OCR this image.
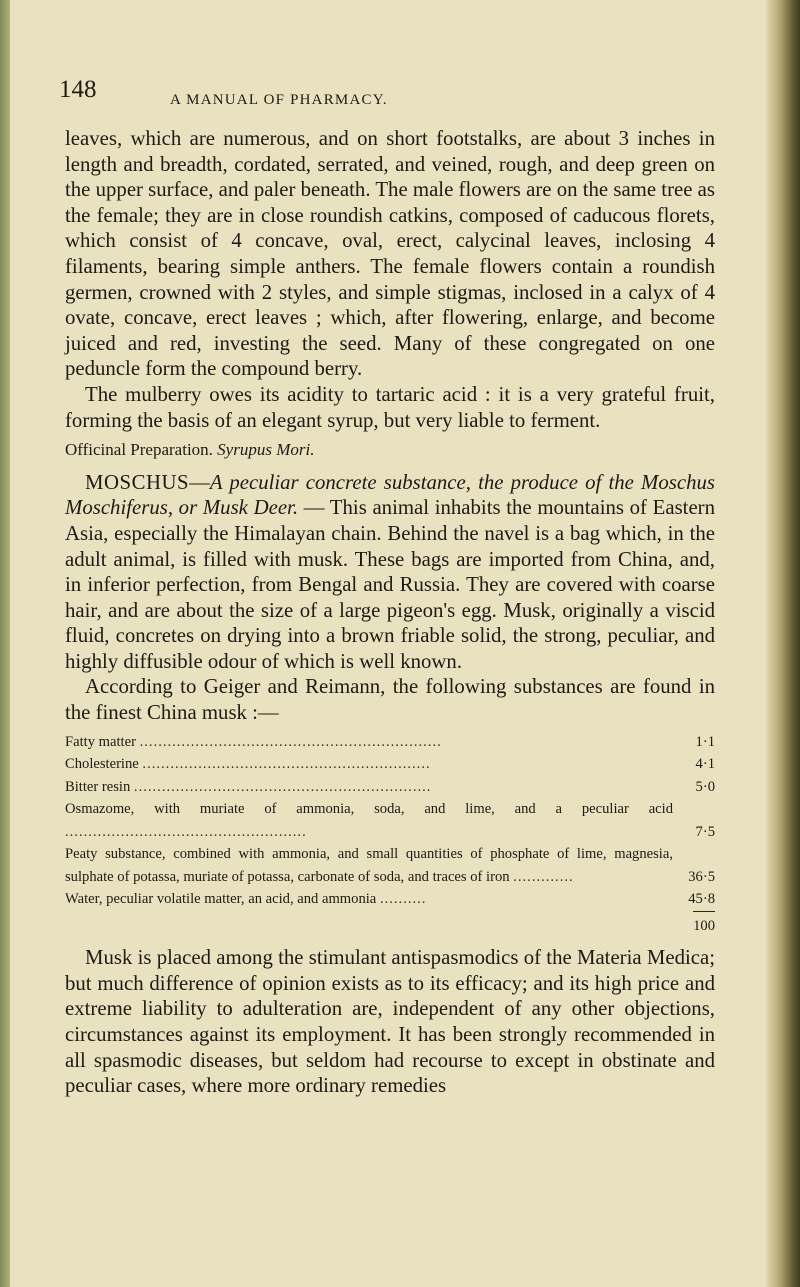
148	A MANUAL OF PHARMACY.

leaves, which are numerous, and on short footstalks, are about 3 inches in length and breadth, cordated, serrated, and veined, rough, and deep green on the upper surface, and paler beneath. The male flowers are on the same tree as the female; they are in close roundish catkins, composed of caducous florets, which consist of 4 concave, oval, erect, calycinal leaves, inclosing 4 filaments, bearing simple anthers. The female flowers contain a roundish germen, crowned with 2 styles, and simple stigmas, inclosed in a calyx of 4 ovate, concave, erect leaves ; which, after flowering, enlarge, and become juiced and red, investing the seed. Many of these congregated on one peduncle form the compound berry.

The mulberry owes its acidity to tartaric acid : it is a very grateful fruit, forming the basis of an elegant syrup, but very liable to ferment.

Officinal Preparation. Syrupus Mori.

MOSCHUS—A peculiar concrete substance, the produce of the Moschus Moschiferus, or Musk Deer. — This animal inhabits the mountains of Eastern Asia, especially the Himalayan chain. Behind the navel is a bag which, in the adult animal, is filled with musk. These bags are imported from China, and, in inferior perfection, from Bengal and Russia. They are covered with coarse hair, and are about the size of a large pigeon's egg. Musk, originally a viscid fluid, concretes on drying into a brown friable solid, the strong, peculiar, and highly diffusible odour of which is well known.

According to Geiger and Reimann, the following substances are found in the finest China musk :—

Fatty matter .................................................................	1·1
Cholesterine ..............................................................	4·1
Bitter resin ................................................................	5·0
Osmazome, with muriate of ammonia, soda, and lime, and a peculiar acid ....................................................	7·5
Peaty substance, combined with ammonia, and small quantities of phosphate of lime, magnesia, sulphate of potassa, muriate of potassa, carbonate of soda, and traces of iron .............	36·5
Water, peculiar volatile matter, an acid, and ammonia ..........	45·8
	100

Musk is placed among the stimulant antispasmodics of the Materia Medica; but much difference of opinion exists as to its efficacy; and its high price and extreme liability to adulteration are, independent of any other objections, circumstances against its employment. It has been strongly recommended in all spasmodic diseases, but seldom had recourse to except in obstinate and peculiar cases, where more ordinary remedies
